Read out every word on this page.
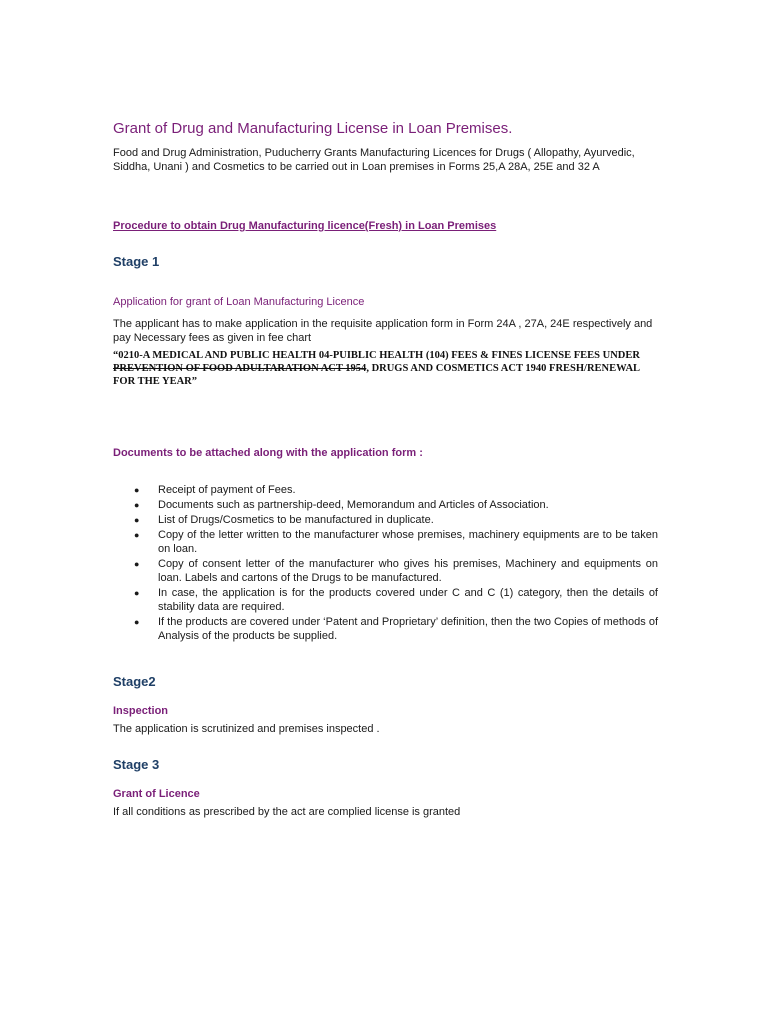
Grant of Drug and Manufacturing License in Loan Premises.

Food and Drug Administration, Puducherry Grants Manufacturing Licences for Drugs ( Allopathy, Ayurvedic, Siddha, Unani ) and Cosmetics to be carried out in Loan premises in Forms 25,A 28A, 25E and 32 A

Procedure to obtain Drug Manufacturing licence(Fresh) in Loan Premises

Stage 1
Application for grant of Loan Manufacturing Licence

The applicant has to make application in the requisite application form in Form 24A , 27A, 24E respectively and pay Necessary fees as given in fee chart

“0210-A MEDICAL AND PUBLIC HEALTH 04-PUIBLIC HEALTH (104) FEES & FINES LICENSE FEES UNDER PREVENTION OF FOOD ADULTARATION ACT 1954, DRUGS AND COSMETICS ACT 1940 FRESH/RENEWAL FOR THE YEAR”

Documents to be attached along with the application form :
● Receipt of payment of Fees.
● Documents such as partnership-deed, Memorandum and Articles of Association.
● List of Drugs/Cosmetics to be manufactured in duplicate.
● Copy of the letter written to the manufacturer whose premises, machinery equipments are to be taken on loan.
● Copy of consent letter of the manufacturer who gives his premises, Machinery and equipments on loan. Labels and cartons of the Drugs to be manufactured.
● In case, the application is for the products covered under C and C (1) category, then the details of stability data are required.
● If the products are covered under ‘Patent and Proprietary’ definition, then the two Copies of methods of Analysis of the products be supplied.
Stage2
Inspection

The application is scrutinized and premises inspected .

Stage 3
Grant of Licence

If all conditions as prescribed by the act are complied license is granted
